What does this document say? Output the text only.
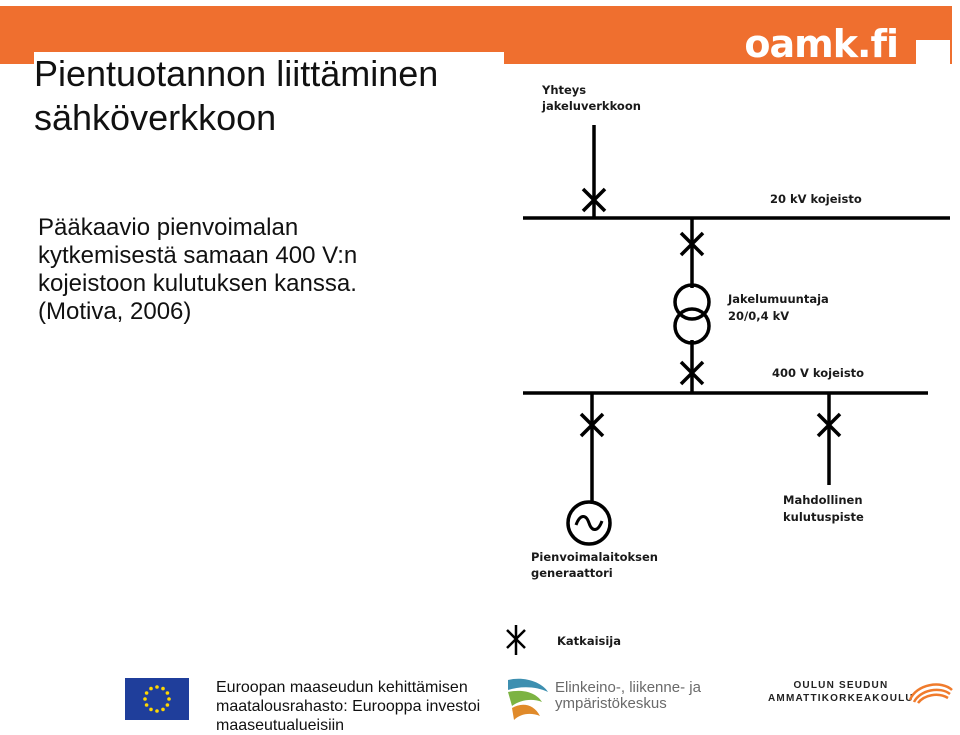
oamk.fi
Pientuotannon liittäminen
sähköverkkoon
Pääkaavio pienvoimalan
kytkemisestä samaan 400 V:n
kojeistoon kulutuksen kanssa.
(Motiva, 2006)
Yhteys
jakeluverkkoon
20 kV kojeisto
Jakelumuuntaja
20/0,4 kV
400 V kojeisto
Mahdollinen
kulutuspiste
Pienvoimalaitoksen
generaattori
Katkaisija
Euroopan maaseudun kehittämisen
maatalousrahasto: Eurooppa investoi
maaseutualueisiin
Elinkeino-, liikenne- ja
ympäristökeskus
OULUN SEUDUN
AMMATTIKORKEAKOULU
